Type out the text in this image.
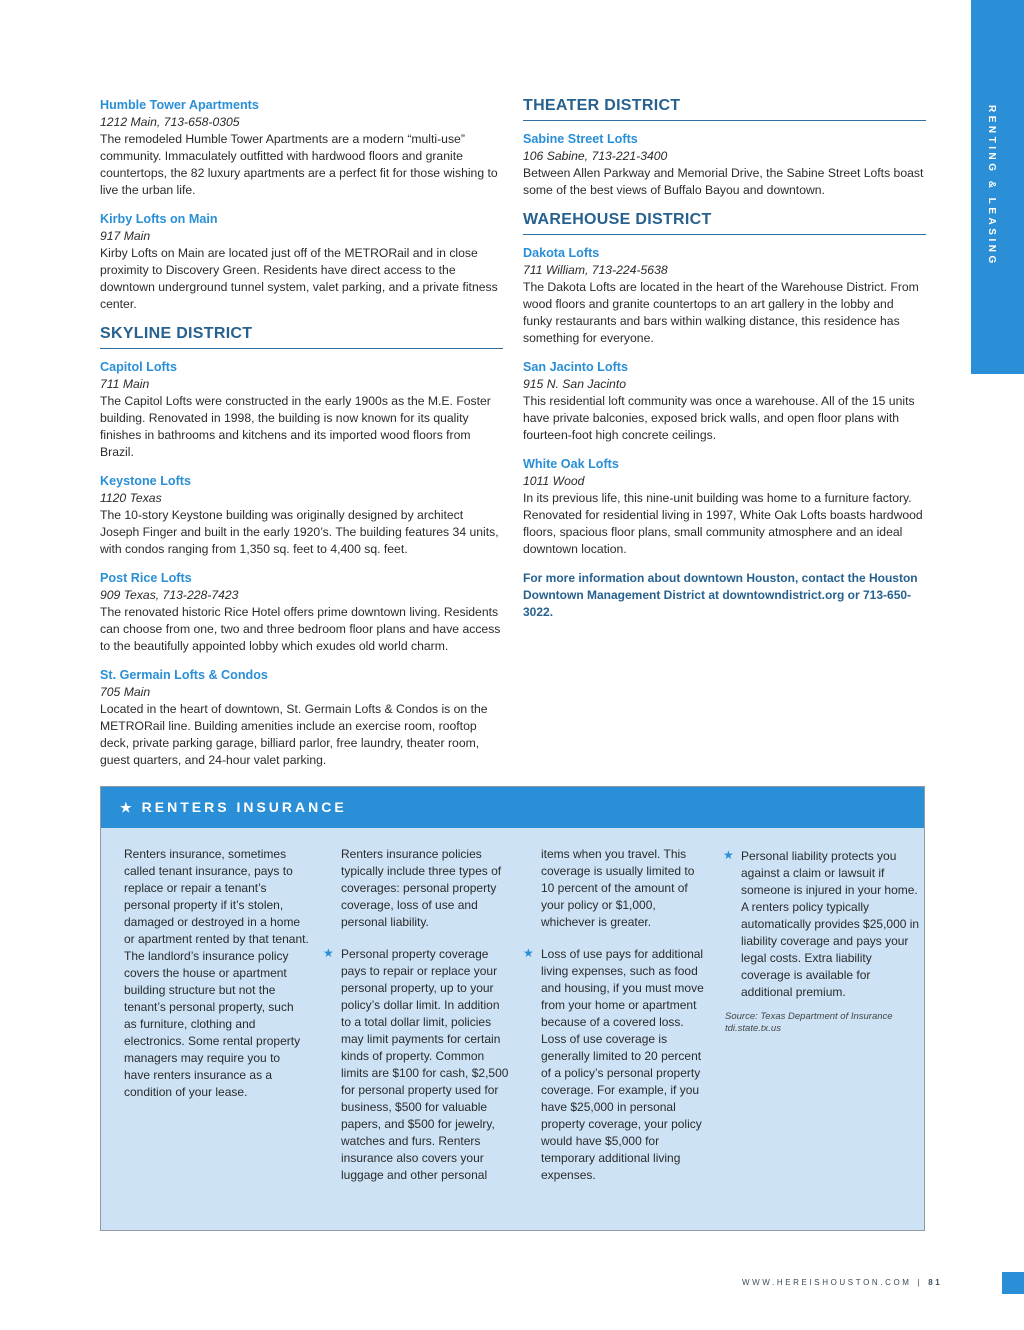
RENTING & LEASING
Humble Tower Apartments
1212 Main, 713-658-0305
The remodeled Humble Tower Apartments are a modern “multi-use” community. Immaculately outfitted with hardwood floors and granite countertops, the 82 luxury apartments are a perfect fit for those wishing to live the urban life.
Kirby Lofts on Main
917 Main
Kirby Lofts on Main are located just off of the METRORail and in close proximity to Discovery Green. Residents have direct access to the downtown underground tunnel system, valet parking, and a private fitness center.
SKYLINE DISTRICT
Capitol Lofts
711 Main
The Capitol Lofts were constructed in the early 1900s as the M.E. Foster building. Renovated in 1998, the building is now known for its quality finishes in bathrooms and kitchens and its imported wood floors from Brazil.
Keystone Lofts
1120 Texas
The 10-story Keystone building was originally designed by architect Joseph Finger and built in the early 1920’s. The building features 34 units, with condos ranging from 1,350 sq. feet to 4,400 sq. feet.
Post Rice Lofts
909 Texas, 713-228-7423
The renovated historic Rice Hotel offers prime downtown living. Residents can choose from one, two and three bedroom floor plans and have access to the beautifully appointed lobby which exudes old world charm.
St. Germain Lofts & Condos
705 Main
Located in the heart of downtown, St. Germain Lofts & Condos is on the METRORail line. Building amenities include an exercise room, rooftop deck, private parking garage, billiard parlor, free laundry, theater room, guest quarters, and 24-hour valet parking.
THEATER DISTRICT
Sabine Street Lofts
106 Sabine, 713-221-3400
Between Allen Parkway and Memorial Drive, the Sabine Street Lofts boast some of the best views of Buffalo Bayou and downtown.
WAREHOUSE DISTRICT
Dakota Lofts
711 William, 713-224-5638
The Dakota Lofts are located in the heart of the Warehouse District. From wood floors and granite countertops to an art gallery in the lobby and funky restaurants and bars within walking distance, this residence has something for everyone.
San Jacinto Lofts
915 N. San Jacinto
This residential loft community was once a warehouse. All of the 15 units have private balconies, exposed brick walls, and open floor plans with fourteen-foot high concrete ceilings.
White Oak Lofts
1011 Wood
In its previous life, this nine-unit building was home to a furniture factory. Renovated for residential living in 1997, White Oak Lofts boasts hardwood floors, spacious floor plans, small community atmosphere and an ideal downtown location.
For more information about downtown Houston, contact the Houston Downtown Management District at downtowndistrict.org or 713-650-3022.
★ RENTERS INSURANCE
Renters insurance, sometimes called tenant insurance, pays to replace or repair a tenant’s personal property if it’s stolen, damaged or destroyed in a home or apartment rented by that tenant. The landlord’s insurance policy covers the house or apartment building structure but not the tenant’s personal property, such as furniture, clothing and electronics. Some rental property managers may require you to have renters insurance as a condition of your lease.
Renters insurance policies typically include three types of coverages: personal property coverage, loss of use and personal liability.
★ Personal property coverage pays to repair or replace your personal property, up to your policy’s dollar limit. In addition to a total dollar limit, policies may limit payments for certain kinds of property. Common limits are $100 for cash, $2,500 for personal property used for business, $500 for valuable papers, and $500 for jewelry, watches and furs. Renters insurance also covers your luggage and other personal
items when you travel. This coverage is usually limited to 10 percent of the amount of your policy or $1,000, whichever is greater.
★ Loss of use pays for additional living expenses, such as food and housing, if you must move from your home or apartment because of a covered loss. Loss of use coverage is generally limited to 20 percent of a policy’s personal property coverage. For example, if you have $25,000 in personal property coverage, your policy would have $5,000 for temporary additional living expenses.
★ Personal liability protects you against a claim or lawsuit if someone is injured in your home. A renters policy typically automatically provides $25,000 in liability coverage and pays your legal costs. Extra liability coverage is available for additional premium.
Source: Texas Department of Insurance
tdi.state.tx.us
WWW.HEREISHOUSTON.COM | 81
